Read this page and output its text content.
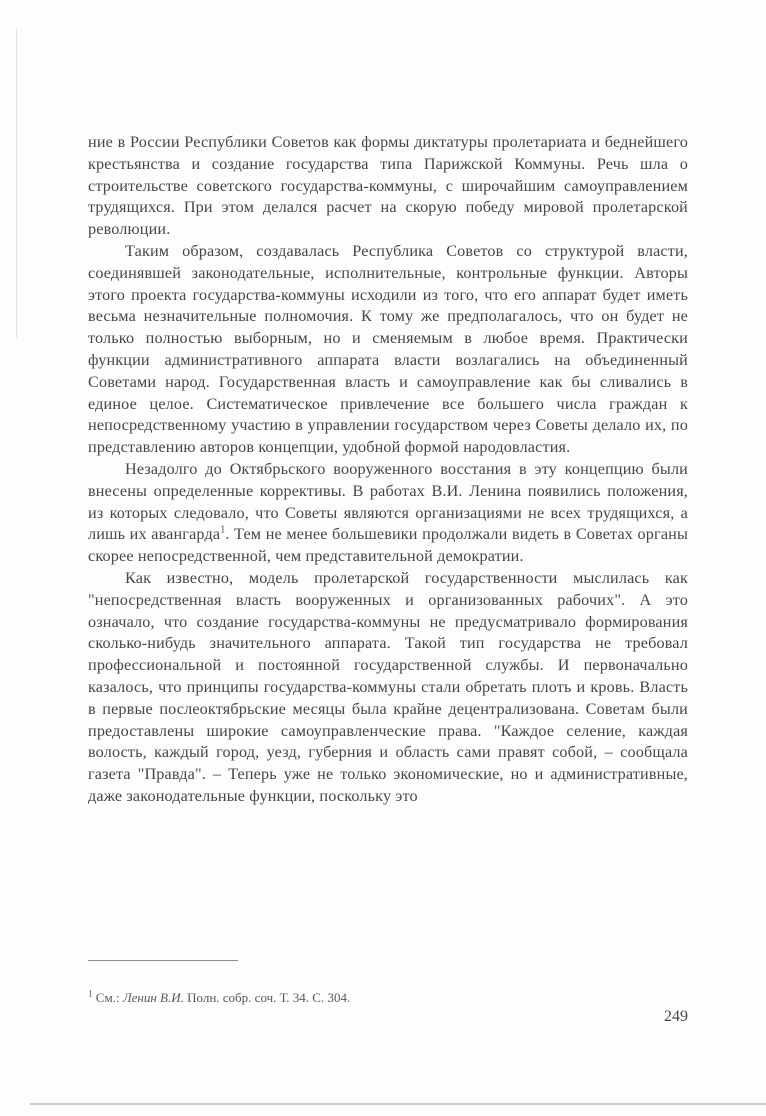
ние в России Республики Советов как формы диктатуры пролетариата и беднейшего крестьянства и создание государства типа Парижской Коммуны. Речь шла о строительстве советского государства-коммуны, с широчайшим самоуправлением трудящихся. При этом делался расчет на скорую победу мировой пролетарской революции.

Таким образом, создавалась Республика Советов со структурой власти, соединявшей законодательные, исполнительные, контрольные функции. Авторы этого проекта государства-коммуны исходили из того, что его аппарат будет иметь весьма незначительные полномочия. К тому же предполагалось, что он будет не только полностью выборным, но и сменяемым в любое время. Практически функции административного аппарата власти возлагались на объединенный Советами народ. Государственная власть и самоуправление как бы сливались в единое целое. Систематическое привлечение все большего числа граждан к непосредственному участию в управлении государством через Советы делало их, по представлению авторов концепции, удобной формой народовластия.

Незадолго до Октябрьского вооруженного восстания в эту концепцию были внесены определенные коррективы. В работах В.И. Ленина появились положения, из которых следовало, что Советы являются организациями не всех трудящихся, а лишь их авангарда$^1$. Тем не менее большевики продолжали видеть в Советах органы скорее непосредственной, чем представительной демократии.

Как известно, модель пролетарской государственности мыслилась как "непосредственная власть вооруженных и организованных рабочих". А это означало, что создание государства-коммуны не предусматривало формирования сколько-нибудь значительного аппарата. Такой тип государства не требовал профессиональной и постоянной государственной службы. И первоначально казалось, что принципы государства-коммуны стали обретать плоть и кровь. Власть в первые послеоктябрьские месяцы была крайне децентрализована. Советам были предоставлены широкие самоуправленческие права. "Каждое селение, каждая волость, каждый город, уезд, губерния и область сами правят собой, – сообщала газета "Правда". – Теперь уже не только экономические, но и административные, даже законодательные функции, поскольку это

$^1$ См.: Ленин В.И. Полн. собр. соч. Т. 34. С. 304.

249
